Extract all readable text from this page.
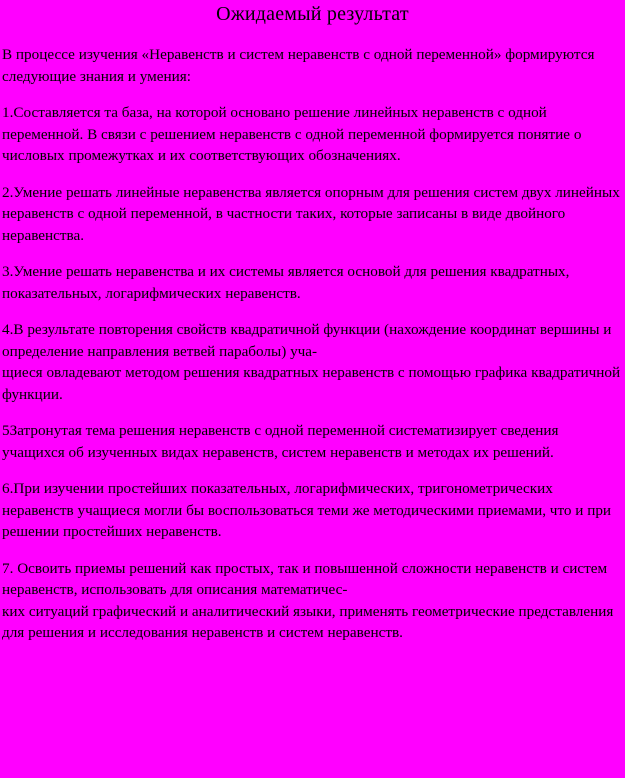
Ожидаемый результат
В процессе изучения «Неравенств и систем неравенств с одной переменной» формируются следующие знания и умения:
1.Составляется та база, на которой основано решение линейных неравенств с одной переменной. В связи с решением неравенств с одной переменной формируется понятие о числовых промежутках и их соответствующих обозначениях.
2.Умение решать линейные неравенства является опорным для решения систем двух линейных неравенств с одной переменной, в частности таких, которые записаны в виде двойного неравенства.
3.Умение решать неравенства и их системы является основой для решения квадратных, показательных, логарифмических неравенств.
4.В результате повторения свойств квадратичной функции (нахождение координат вершины и определение направления ветвей параболы) уча-
щиеся овладевают методом решения квадратных неравенств с помощью графика квадратичной функции.
5Затронутая тема решения неравенств с одной переменной систематизирует сведения учащихся об изученных видах неравенств, систем неравенств и методах их решений.
6.При изучении простейших показательных, логарифмических, тригонометрических неравенств учащиеся могли бы воспользоваться теми же методическими приемами, что и при решении простейших неравенств.
7. Освоить приемы решений как простых, так и повышенной сложности неравенств и систем неравенств, использовать для описания математичес-
ких ситуаций графический и аналитический языки, применять геометрические представления для решения и исследования неравенств и систем неравенств.
